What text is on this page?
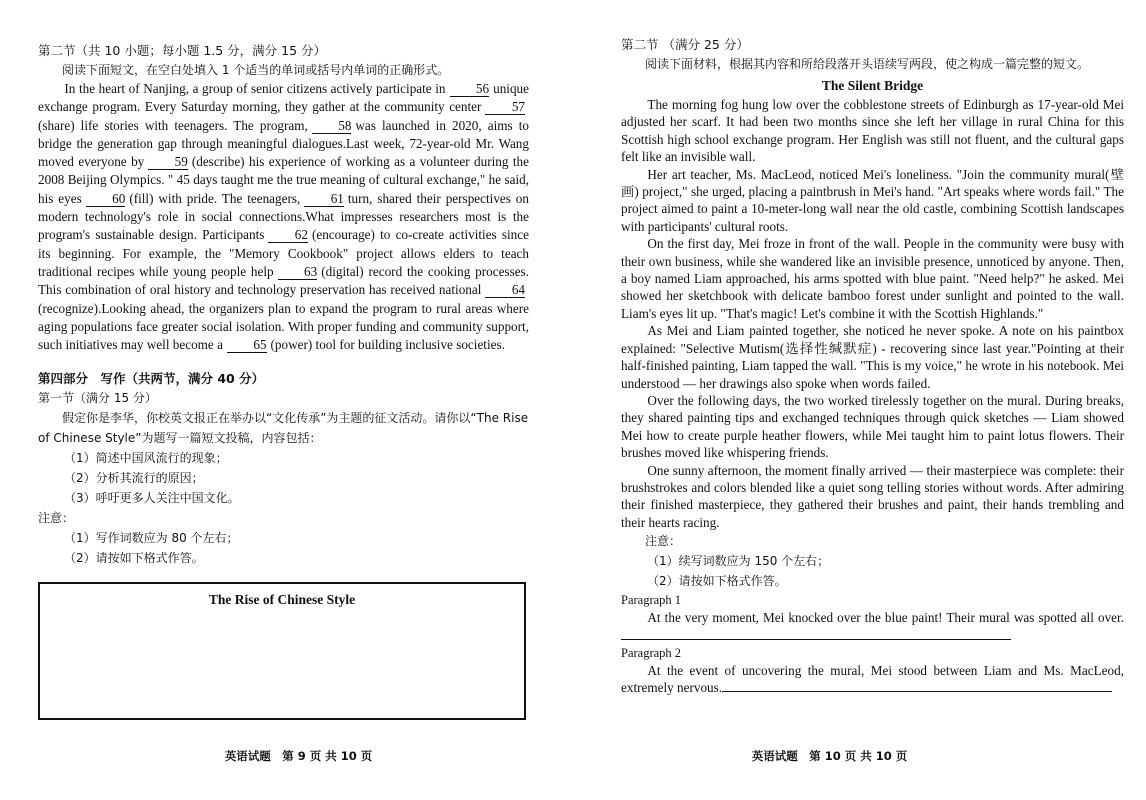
第二节（共 10 小题；每小题 1.5 分，满分 15 分）

阅读下面短文，在空白处填入 1 个适当的单词或括号内单词的正确形式。

In the heart of Nanjing, a group of senior citizens actively participate in 56 unique exchange program. Every Saturday morning, they gather at the community center 57(share) life stories with teenagers. The program, 58 was launched in 2020, aims to bridge the generation gap through meaningful dialogues.Last week, 72-year-old Mr. Wang moved everyone by 59 (describe) his experience of working as a volunteer during the 2008 Beijing Olympics. " 45 days taught me the true meaning of cultural exchange," he said, his eyes 60 (fill) with pride. The teenagers, 61 turn, shared their perspectives on modern technology's role in social connections.What impresses researchers most is the program's sustainable design. Participants 62 (encourage) to co-create activities since its beginning. For example, the "Memory Cookbook" project allows elders to teach traditional recipes while young people help 63 (digital) record the cooking processes. This combination of oral history and technology preservation has received national 64(recognize).Looking ahead, the organizers plan to expand the program to rural areas where aging populations face greater social isolation. With proper funding and community support, such initiatives may well become a 65 (power) tool for building inclusive societies.

第四部分　写作（共两节，满分 40 分）

第一节（满分 15 分）

假定你是李华，你校英文报正在举办以“文化传承”为主题的征文活动。请你以“The Rise of Chinese Style”为题写一篇短文投稿，内容包括：

（1）简述中国风流行的现象；

（2）分析其流行的原因；

（3）呼吁更多人关注中国文化。

注意：

（1）写作词数应为 80 个左右；

（2）请按如下格式作答。

The Rise of Chinese Style
英语试题　第 9 页 共 10 页

第二节 （满分 25 分）

阅读下面材料，根据其内容和所给段落开头语续写两段，使之构成一篇完整的短文。

The Silent Bridge

The morning fog hung low over the cobblestone streets of Edinburgh as 17-year-old Mei adjusted her scarf. It had been two months since she left her village in rural China for this Scottish high school exchange program. Her English was still not fluent, and the cultural gaps felt like an invisible wall.

Her art teacher, Ms. MacLeod, noticed Mei's loneliness. "Join the community mural(壁画) project," she urged, placing a paintbrush in Mei's hand. "Art speaks where words fail." The project aimed to paint a 10-meter-long wall near the old castle, combining Scottish landscapes with participants' cultural roots.

On the first day, Mei froze in front of the wall. People in the community were busy with their own business, while she wandered like an invisible presence, unnoticed by anyone. Then, a boy named Liam approached, his arms spotted with blue paint. "Need help?" he asked. Mei showed her sketchbook with delicate bamboo forest under sunlight and pointed to the wall. Liam's eyes lit up. "That's magic! Let's combine it with the Scottish Highlands."

As Mei and Liam painted together, she noticed he never spoke. A note on his paintbox explained: "Selective Mutism(选择性缄默症) - recovering since last year."Pointing at their half-finished painting, Liam tapped the wall. "This is my voice," he wrote in his notebook. Mei understood — her drawings also spoke when words failed.

Over the following days, the two worked tirelessly together on the mural. During breaks, they shared painting tips and exchanged techniques through quick sketches — Liam showed Mei how to create purple heather flowers, while Mei taught him to paint lotus flowers. Their brushes moved like whispering friends.

One sunny afternoon, the moment finally arrived — their masterpiece was complete: their brushstrokes and colors blended like a quiet song telling stories without words. After admiring their finished masterpiece, they gathered their brushes and paint, their hands trembling and their hearts racing.

注意：

（1）续写词数应为 150 个左右；

（2）请按如下格式作答。

Paragraph 1

At the very moment, Mei knocked over the blue paint! Their mural was spotted all over.

Paragraph 2

At the event of uncovering the mural, Mei stood between Liam and Ms. MacLeod, extremely nervous.

英语试题　第 10 页 共 10 页
